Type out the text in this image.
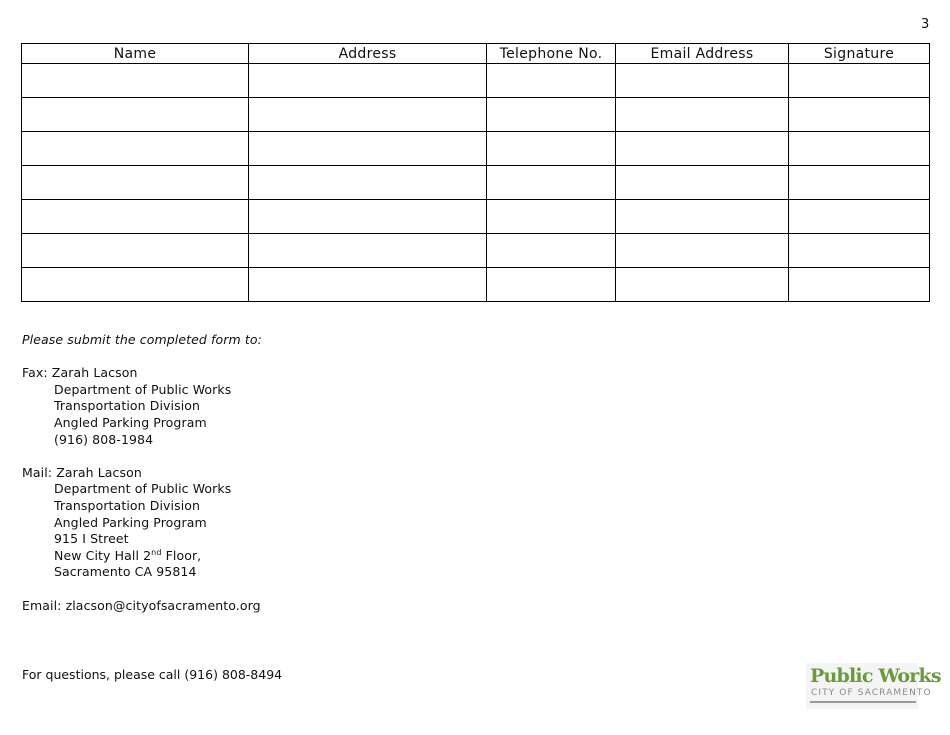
3
Name	Address	Telephone No.	Email Address	Signature

Please submit the completed form to:

Fax: Zarah Lacson

Department of Public Works

Transportation Division

Angled Parking Program

(916) 808-1984

Mail: Zarah Lacson

Department of Public Works

Transportation Division

Angled Parking Program

915 I Street

New City Hall 2nd Floor,

Sacramento CA 95814

Email: zlacson@cityofsacramento.org

For questions, please call (916) 808-8494	Public Works
CITY OF SACRAMENTO
